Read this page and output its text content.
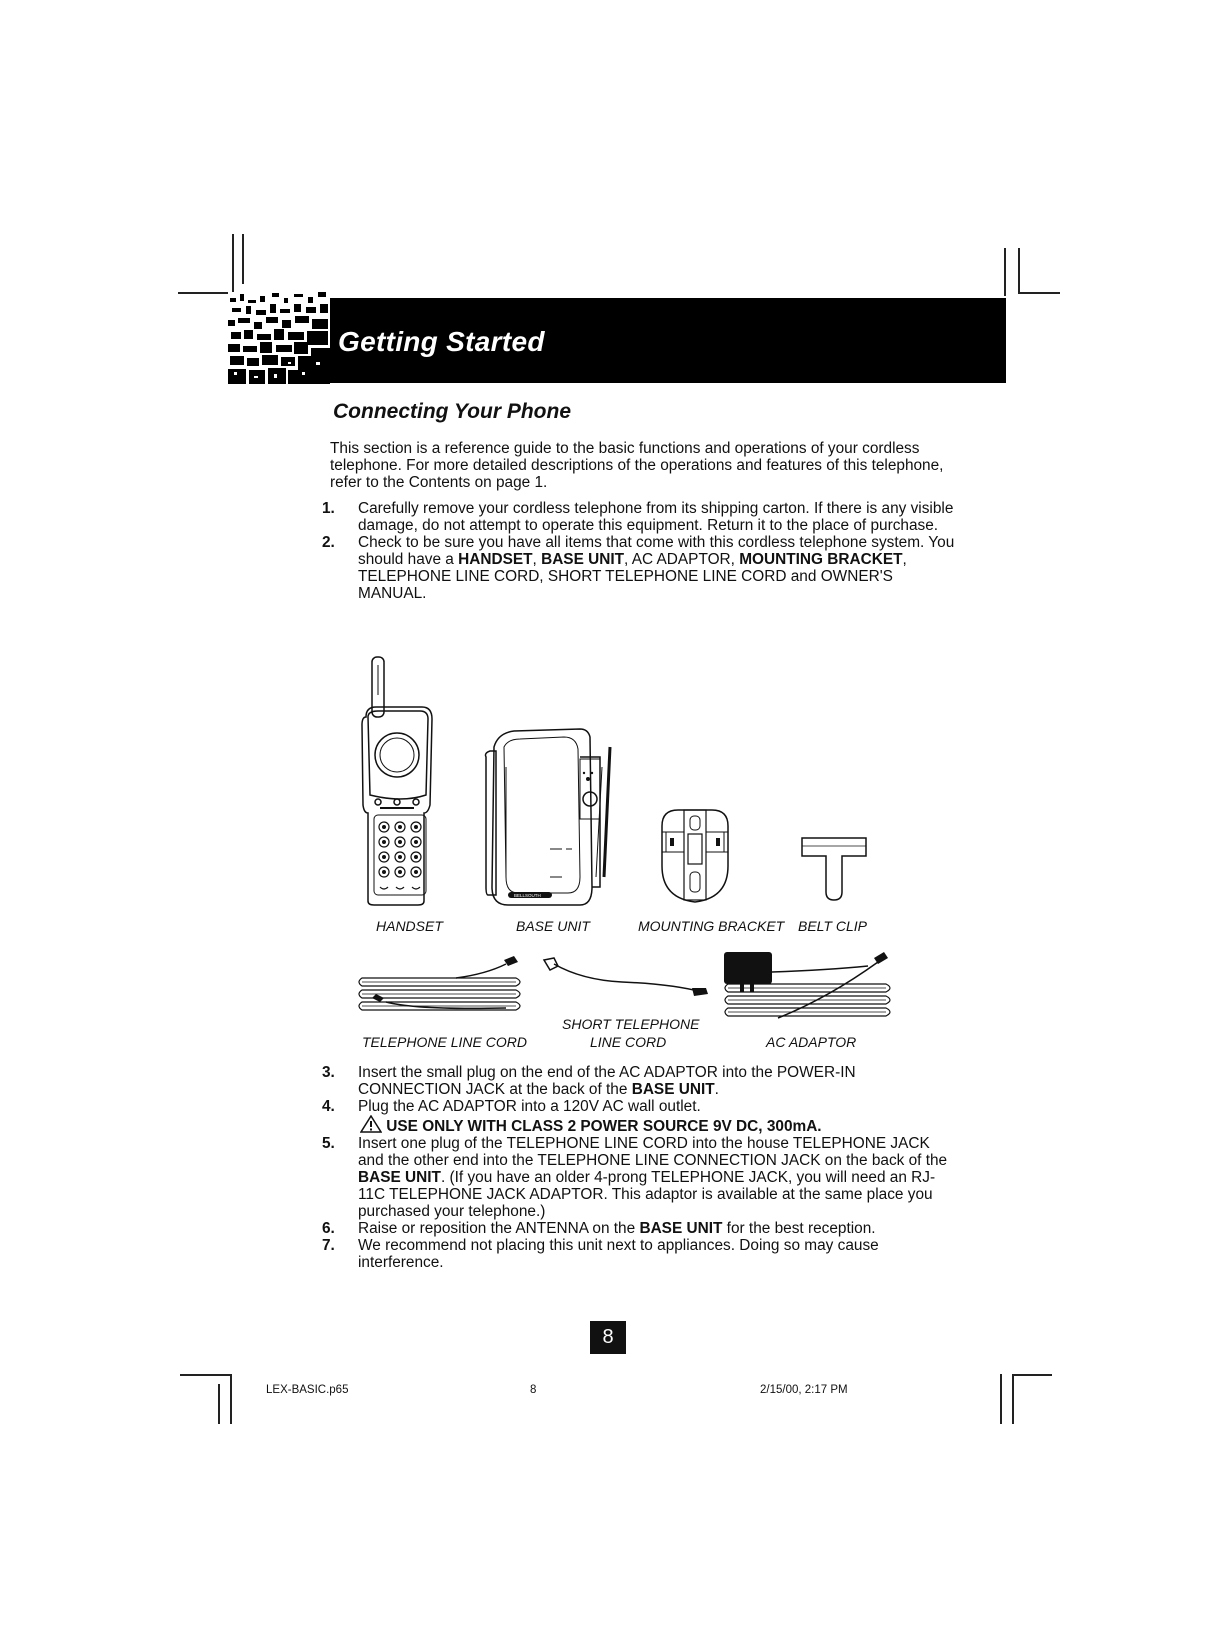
Getting Started
Connecting Your Phone
This section is a reference guide to the basic functions and operations of your cordless telephone. For more detailed descriptions of the operations and features of this telephone, refer to the Contents on page 1.
1. Carefully remove your cordless telephone from its shipping carton. If there is any visible damage, do not attempt to operate this equipment. Return it to the place of purchase.
2. Check to be sure you have all items that come with this cordless telephone system. You should have a HANDSET, BASE UNIT, AC ADAPTOR, MOUNTING BRACKET, TELEPHONE LINE CORD, SHORT TELEPHONE LINE CORD and OWNER'S MANUAL.
BELLSOUTH
HANDSET	BASE UNIT	MOUNTING BRACKET BELT CLIP
TELEPHONE LINE CORD
SHORT TELEPHONE
LINE CORD	AC ADAPTOR
3. Insert the small plug on the end of the AC ADAPTOR into the POWER-IN CONNECTION JACK at the back of the BASE UNIT.
4. Plug the AC ADAPTOR into a 120V AC wall outlet.
USE ONLY WITH CLASS 2 POWER SOURCE 9V DC, 300mA.
5. Insert one plug of the TELEPHONE LINE CORD into the house TELEPHONE JACK and the other end into the TELEPHONE LINE CONNECTION JACK on the back of the BASE UNIT. (If you have an older 4-prong TELEPHONE JACK, you will need an RJ-11C TELEPHONE JACK ADAPTOR. This adaptor is available at the same place you purchased your telephone.)
6. Raise or reposition the ANTENNA on the BASE UNIT for the best reception.
7. We recommend not placing this unit next to appliances. Doing so may cause interference.
8
LEX-BASIC.p65	8	2/15/00, 2:17 PM
